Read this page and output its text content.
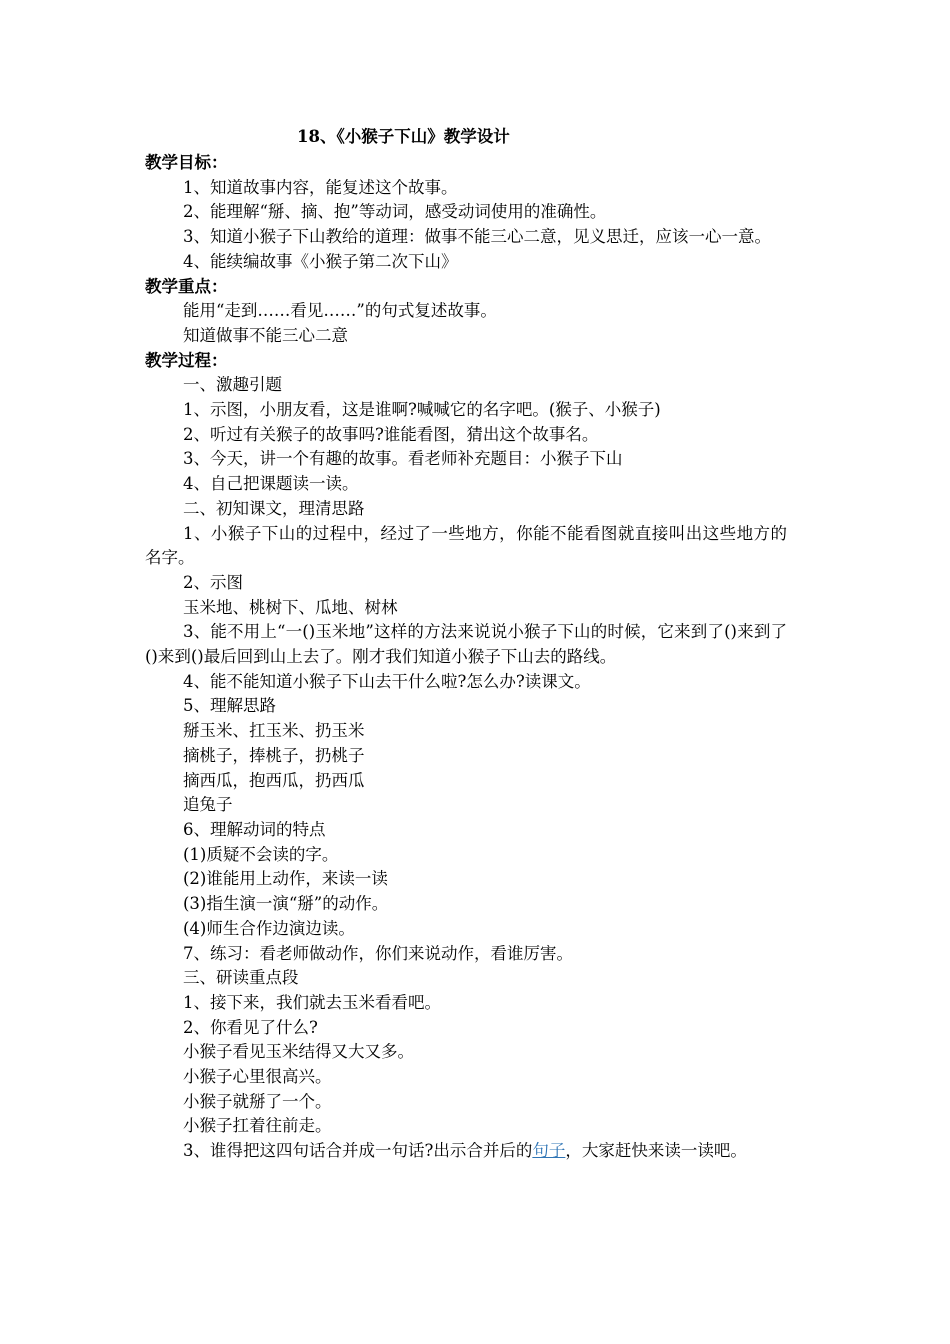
18、《小猴子下山》教学设计

教学目标：

1、知道故事内容，能复述这个故事。

2、能理解“掰、摘、抱”等动词，感受动词使用的准确性。

3、知道小猴子下山教给的道理：做事不能三心二意，见义思迁，应该一心一意。

4、能续编故事《小猴子第二次下山》

教学重点：

能用“走到……看见……”的句式复述故事。

知道做事不能三心二意

教学过程：

一、激趣引题

1、示图，小朋友看，这是谁啊?喊喊它的名字吧。(猴子、小猴子)

2、听过有关猴子的故事吗?谁能看图，猜出这个故事名。

3、今天，讲一个有趣的故事。看老师补充题目：小猴子下山

4、自己把课题读一读。

二、初知课文，理清思路

1、小猴子下山的过程中，经过了一些地方，你能不能看图就直接叫出这些地方的名字。

2、示图

玉米地、桃树下、瓜地、树林

3、能不用上“一()玉米地”这样的方法来说说小猴子下山的时候，它来到了()来到了()来到()最后回到山上去了。刚才我们知道小猴子下山去的路线。

4、能不能知道小猴子下山去干什么啦?怎么办?读课文。

5、理解思路

掰玉米、扛玉米、扔玉米

摘桃子，捧桃子，扔桃子

摘西瓜，抱西瓜，扔西瓜

追兔子

6、理解动词的特点

(1)质疑不会读的字。

(2)谁能用上动作，来读一读

(3)指生演一演“掰”的动作。

(4)师生合作边演边读。

7、练习：看老师做动作，你们来说动作，看谁厉害。

三、研读重点段

1、接下来，我们就去玉米看看吧。

2、你看见了什么?

小猴子看见玉米结得又大又多。

小猴子心里很高兴。

小猴子就掰了一个。

小猴子扛着往前走。

3、谁得把这四句话合并成一句话?出示合并后的句子，大家赶快来读一读吧。
